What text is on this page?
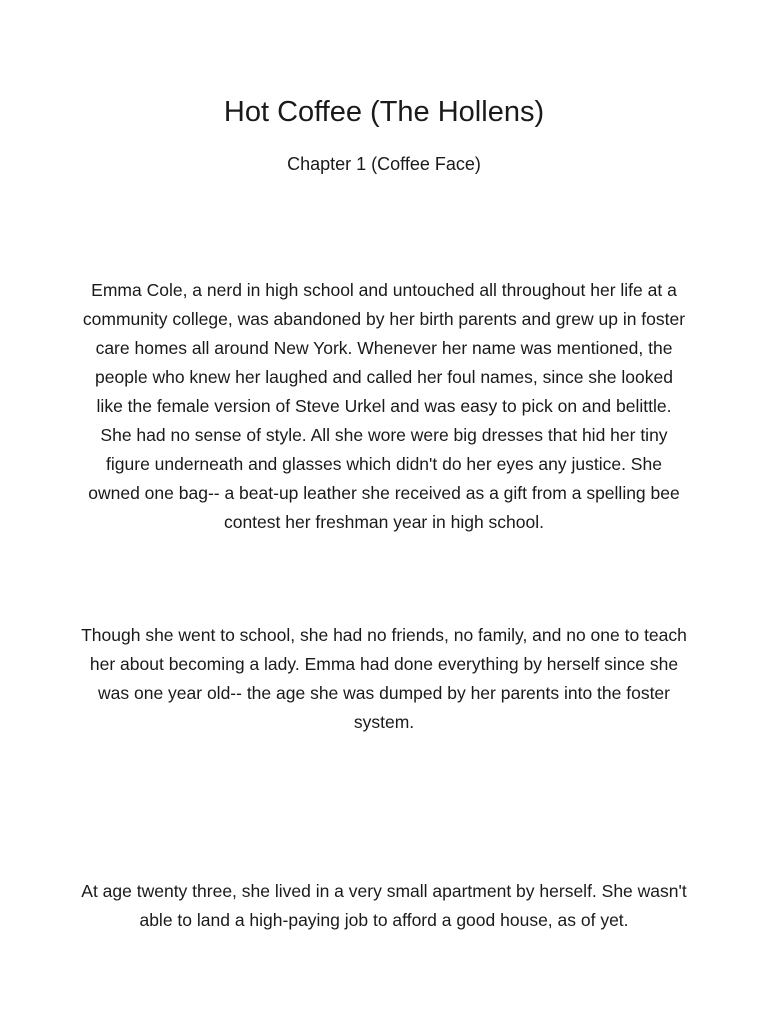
Hot Coffee (The Hollens)

Chapter 1 (Coffee Face)

Emma Cole, a nerd in high school and untouched all throughout her life at a community college, was abandoned by her birth parents and grew up in foster care homes all around New York. Whenever her name was mentioned, the people who knew her laughed and called her foul names, since she looked like the female version of Steve Urkel and was easy to pick on and belittle. She had no sense of style. All she wore were big dresses that hid her tiny figure underneath and glasses which didn't do her eyes any justice. She owned one bag-- a beat-up leather she received as a gift from a spelling bee contest her freshman year in high school.

Though she went to school, she had no friends, no family, and no one to teach her about becoming a lady. Emma had done everything by herself since she was one year old-- the age she was dumped by her parents into the foster system.

At age twenty three, she lived in a very small apartment by herself. She wasn't able to land a high-paying job to afford a good house, as of yet.
